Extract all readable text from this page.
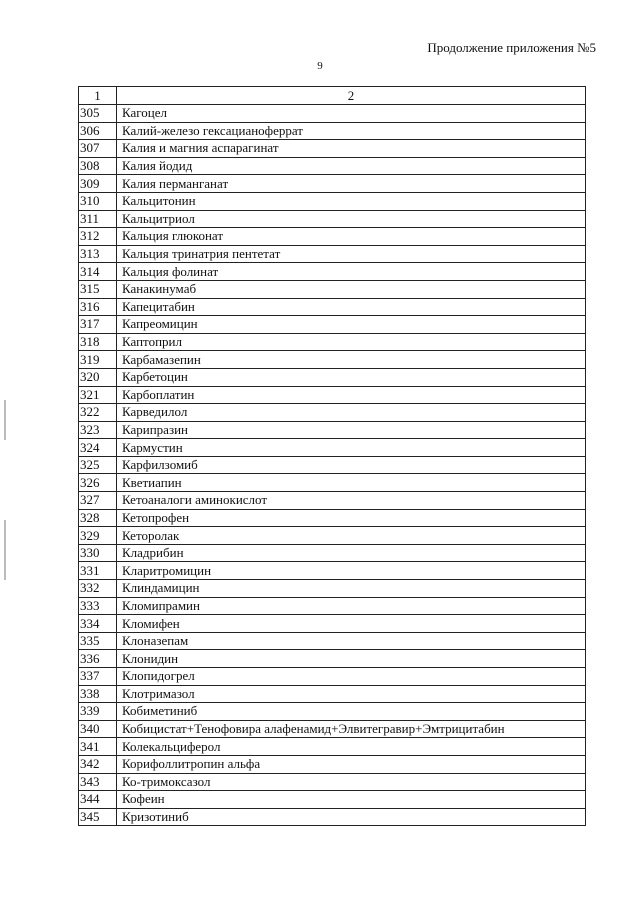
Продолжение приложения №5
9
1	2
305	Кагоцел
306	Калий-железо гексацианоферрат
307	Калия и магния аспарагинат
308	Калия йодид
309	Калия перманганат
310	Кальцитонин
311	Кальцитриол
312	Кальция глюконат
313	Кальция тринатрия пентетат
314	Кальция фолинат
315	Канакинумаб
316	Капецитабин
317	Капреомицин
318	Каптоприл
319	Карбамазепин
320	Карбетоцин
321	Карбоплатин
322	Карведилол
323	Карипразин
324	Кармустин
325	Карфилзомиб
326	Кветиапин
327	Кетоаналоги аминокислот
328	Кетопрофен
329	Кеторолак
330	Кладрибин
331	Кларитромицин
332	Клиндамицин
333	Кломипрамин
334	Кломифен
335	Клоназепам
336	Клонидин
337	Клопидогрел
338	Клотримазол
339	Кобиметиниб
340	Кобицистат+Тенофовира алафенамид+Элвитегравир+Эмтрицитабин
341	Колекальциферол
342	Корифоллитропин альфа
343	Ко-тримоксазол
344	Кофеин
345	Кризотиниб
